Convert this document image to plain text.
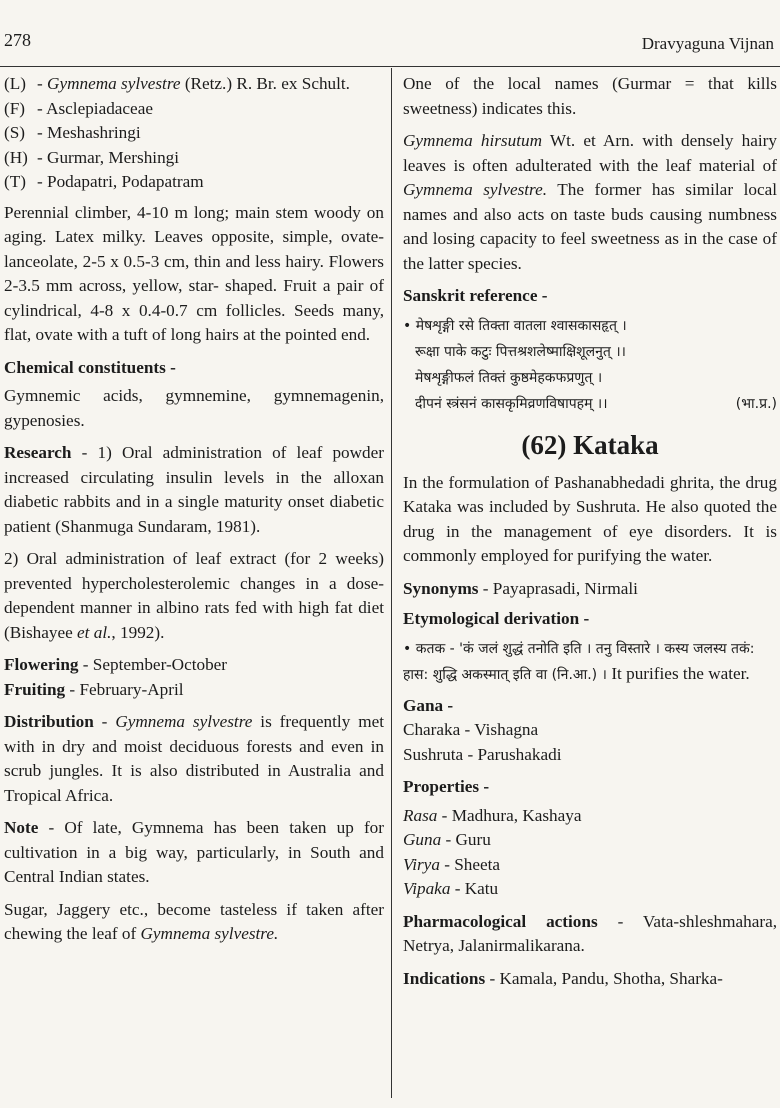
278	Dravyaguna Vijnan
(L) - Gymnema sylvestre (Retz.) R. Br. ex Schult.
(F) - Asclepiadaceae
(S) - Meshashringi
(H) - Gurmar, Mershingi
(T) - Podapatri, Podapatram

Perennial climber, 4-10 m long; main stem woody on aging. Latex milky. Leaves opposite, simple, ovate-lanceolate, 2-5 x 0.5-3 cm, thin and less hairy. Flowers 2-3.5 mm across, yellow, star- shaped. Fruit a pair of cylindrical, 4-8 x 0.4-0.7 cm follicles. Seeds many, flat, ovate with a tuft of long hairs at the pointed end.

Chemical constituents -

Gymnemic acids, gymnemine, gymnemagenin, gypenosies.

Research - 1) Oral administration of leaf powder increased circulating insulin levels in the alloxan diabetic rabbits and in a single maturity onset diabetic patient (Shanmuga Sundaram, 1981).

2) Oral administration of leaf extract (for 2 weeks) prevented hypercholesterolemic changes in a dose-dependent manner in albino rats fed with high fat diet (Bishayee et al., 1992).

Flowering - September-October
Fruiting - February-April

Distribution - Gymnema sylvestre is frequently met with in dry and moist deciduous forests and even in scrub jungles. It is also distributed in Australia and Tropical Africa.

Note - Of late, Gymnema has been taken up for cultivation in a big way, particularly, in South and Central Indian states.

Sugar, Jaggery etc., become tasteless if taken after chewing the leaf of Gymnema sylvestre.

One of the local names (Gurmar = that kills sweetness) indicates this.

Gymnema hirsutum Wt. et Arn. with densely hairy leaves is often adulterated with the leaf material of Gymnema sylvestre. The former has similar local names and also acts on taste buds causing numbness and losing capacity to feel sweetness as in the case of the latter species.

Sanskrit reference -
• मेषशृङ्गी रसे तिक्ता वातला श्वासकासहृत् ।
रूक्षा पाके कटुः पित्तश्रशलेष्माक्षिशूलनुत् ।।
मेषशृङ्गीफलं तिक्तं कुष्ठमेहकफप्रणुत् ।
दीपनं स्त्रंसनं कासकृमिव्रणविषापहम् ।।	(भा.प्र.)
(62) Kataka

In the formulation of Pashanabhedadi ghrita, the drug Kataka was included by Sushruta. He also quoted the drug in the management of eye disorders. It is commonly employed for purifying the water.

Synonyms - Payaprasadi, Nirmali
Etymological derivation -

• कतक - 'कं जलं शुद्धं तनोति इति । तनु विस्तारे । कस्य जलस्य तकं: हास: शुद्धि अकस्मात् इति वा (नि.आ.) । It purifies the water.

Gana -
Charaka - Vishagna
Sushruta - Parushakadi
Properties -
Rasa - Madhura, Kashaya
Guna - Guru
Virya - Sheeta
Vipaka - Katu

Pharmacological actions - Vata-shleshmahara, Netrya, Jalanirmalikarana.

Indications - Kamala, Pandu, Shotha, Sharka-
